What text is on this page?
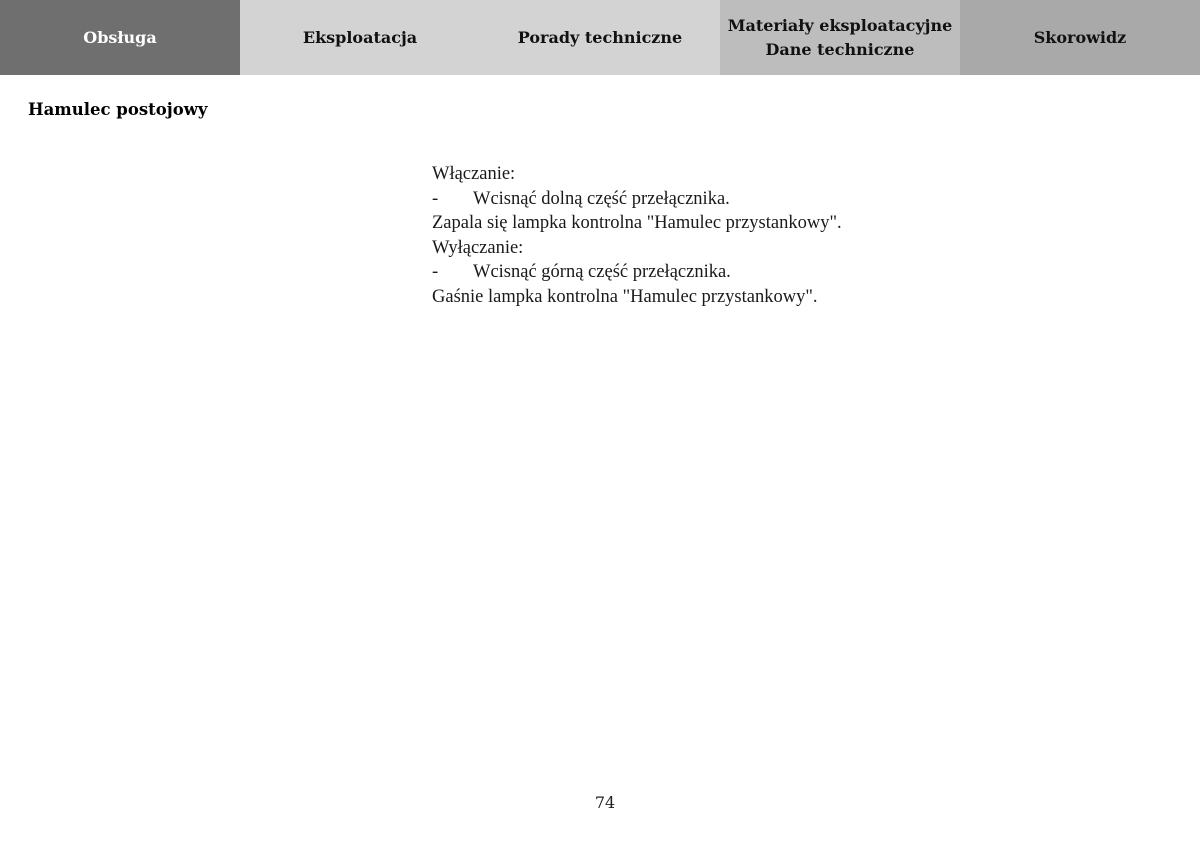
Obsługa	Eksploatacja	Porady techniczne
Materiały eksploatacyjne
Dane techniczne
Skorowidz
Hamulec postojowy
Włączanie:
- Wcisnąć dolną część przełącznika.
Zapala się lampka kontrolna "Hamulec przystankowy".
Wyłączanie:
- Wcisnąć górną część przełącznika.
Gaśnie lampka kontrolna "Hamulec przystankowy".
74
